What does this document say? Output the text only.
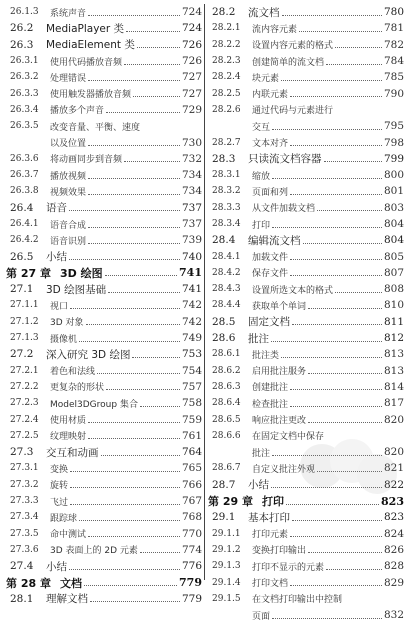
26.1.3	系统声音	724
26.2	MediaPlayer 类	724
26.3	MediaElement 类	726
26.3.1	使用代码播放音频	726
26.3.2	处理错误	727
26.3.3	使用触发器播放音频	727
26.3.4	播放多个声音	729
26.3.5	改变音量、平衡、速度
以及位置	730
26.3.6	将动画同步到音频	732
26.3.7	播放视频	734
26.3.8	视频效果	734
26.4	语音	737
26.4.1	语音合成	737
26.4.2	语音识别	739
26.5	小结	740
第 27 章 3D 绘图	741
27.1	3D 绘图基础	741
27.1.1	视口	742
27.1.2	3D 对象	742
27.1.3	摄像机	749
27.2	深入研究 3D 绘图	753
27.2.1	着色和法线	754
27.2.2	更复杂的形状	757
27.2.3	Model3DGroup 集合	758
27.2.4	使用材质	759
27.2.5	纹理映射	761
27.3	交互和动画	764
27.3.1	变换	765
27.3.2	旋转	766
27.3.3	飞过	767
27.3.4	跟踪球	768
27.3.5	命中测试	770
27.3.6	3D 表面上的 2D 元素	774
27.4	小结	776
第 28 章 文档	779
28.1	理解文档	779
28.2	流文档	780
28.2.1	流内容元素	781
28.2.2	设置内容元素的格式	782
28.2.3	创建简单的流文档	784
28.2.4	块元素	785
28.2.5	内联元素	790
28.2.6	通过代码与元素进行
交互	795
28.2.7	文本对齐	798
28.3	只读流文档容器	799
28.3.1	缩放	800
28.3.2	页面和列	801
28.3.3	从文件加载文档	803
28.3.4	打印	804
28.4	编辑流文档	804
28.4.1	加载文件	805
28.4.2	保存文件	807
28.4.3	设置所选文本的格式	808
28.4.4	获取单个单词	810
28.5	固定文档	811
28.6	批注	812
28.6.1	批注类	813
28.6.2	启用批注服务	813
28.6.3	创建批注	814
28.6.4	检查批注	817
28.6.5	响应批注更改	820
28.6.6	在固定文档中保存
批注	820
28.6.7	自定义批注外观	821
28.7	小结	822
第 29 章 打印	823
29.1	基本打印	823
29.1.1	打印元素	824
29.1.2	变换打印输出	826
29.1.3	打印不显示的元素	828
29.1.4	打印文档	829
29.1.5	在文档打印输出中控制
页面	832
